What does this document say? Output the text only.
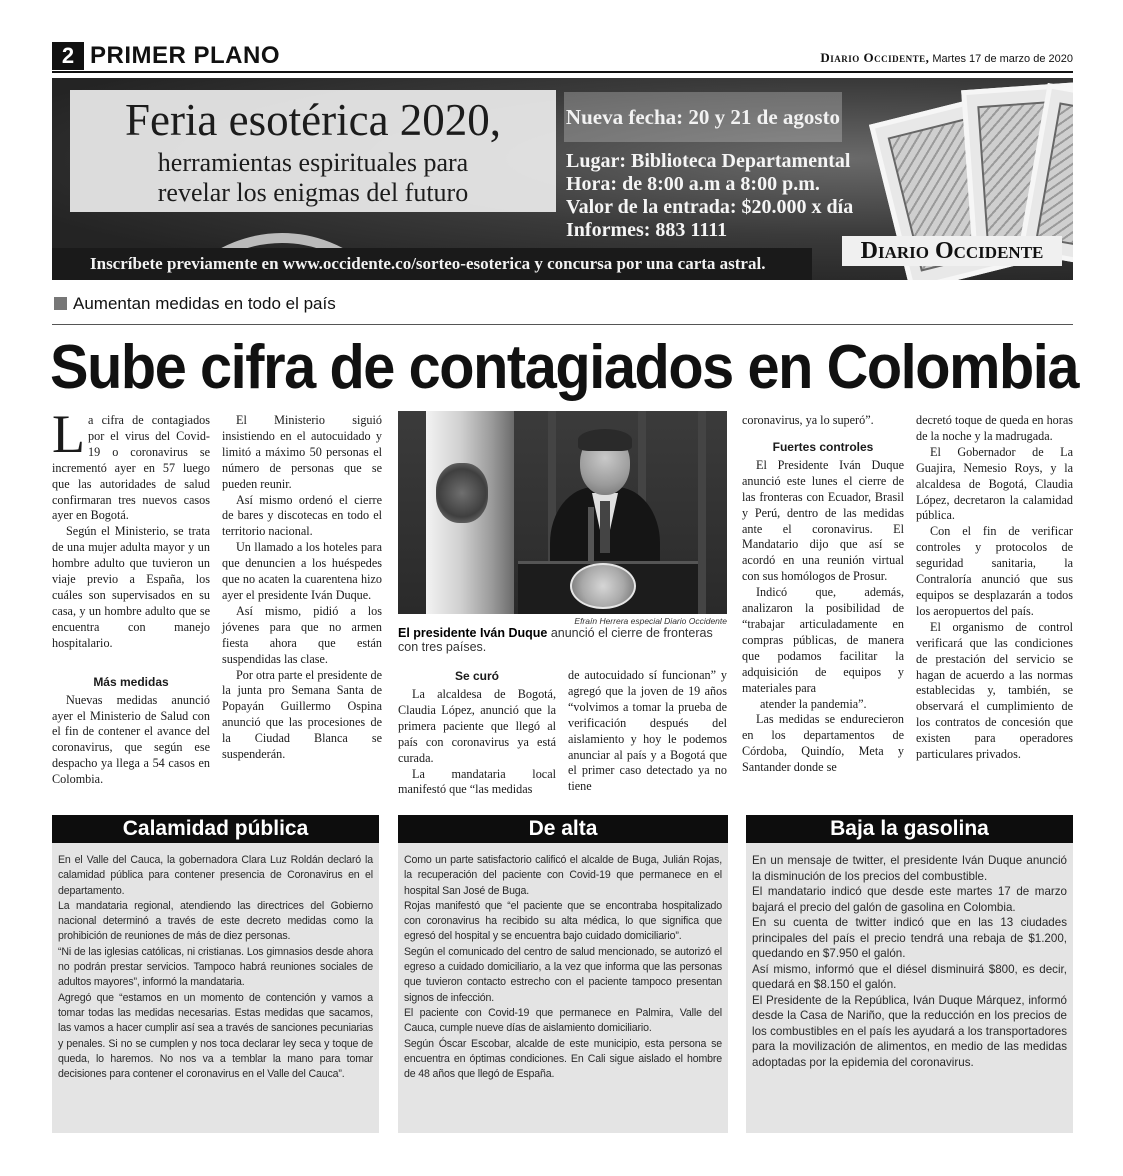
2 PRIMER PLANO	Diario Occidente, Martes 17 de marzo de 2020
Feria esotérica 2020,
herramientas espirituales para
revelar los enigmas del futuro
Nueva fecha: 20 y 21 de agosto
Lugar: Biblioteca Departamental
Hora: de 8:00 a.m a 8:00 p.m.
Valor de la entrada: $20.000 x día
Informes: 883 1111
Inscríbete previamente en www.occidente.co/sorteo-esoterica y concursa por una carta astral.	Diario Occidente
Aumentan medidas en todo el país
Sube cifra de contagiados en Colombia

La cifra de contagiados por el virus del Covid-19 o coronavirus se incrementó ayer en 57 luego que las autoridades de salud confirmaran tres nuevos casos ayer en Bogotá.

Según el Ministerio, se trata de una mujer adulta mayor y un hombre adulto que tuvieron un viaje previo a España, los cuáles son supervisados en su casa, y un hombre adulto que se encuentra con manejo hospitalario.

Más medidas

Nuevas medidas anunció ayer el Ministerio de Salud con el fin de contener el avance del coronavirus, que según ese despacho ya llega a 54 casos en Colombia.

El Ministerio siguió insistiendo en el autocuidado y limitó a máximo 50 personas el número de personas que se pueden reunir.

Así mismo ordenó el cierre de bares y discotecas en todo el territorio nacional.

Un llamado a los hoteles para que denuncien a los huéspedes que no acaten la cuarentena hizo ayer el presidente Iván Duque.

Así mismo, pidió a los jóvenes para que no armen fiesta ahora que están suspendidas las clase.

Por otra parte el presidente de la junta pro Semana Santa de Popayán Guillermo Ospina anunció que las procesiones de la Ciudad Blanca se suspenderán.

Efraín Herrera especial Diario Occidente
El presidente Iván Duque anunció el cierre de fronteras con tres países.
Se curó

La alcaldesa de Bogotá, Claudia López, anunció que la primera paciente que llegó al país con coronavirus ya está curada.

La mandataria local manifestó que “las medidas

de autocuidado sí funcionan” y agregó que la joven de 19 años “volvimos a tomar la prueba de verificación después del aislamiento y hoy le podemos anunciar al país y a Bogotá que el primer caso detectado ya no tiene

coronavirus, ya lo superó”.

Fuertes controles

El Presidente Iván Duque anunció este lunes el cierre de las fronteras con Ecuador, Brasil y Perú, dentro de las medidas ante el coronavirus. El Mandatario dijo que así se acordó en una reunión virtual con sus homólogos de Prosur.

Indicó que, además, analizaron la posibilidad de “trabajar articuladamente en compras públicas, de manera que podamos facilitar la adquisición de equipos y materiales para

atender la pandemia”.

Las medidas se endurecieron en los departamentos de Córdoba, Quindío, Meta y Santander donde se

decretó toque de queda en horas de la noche y la madrugada.

El Gobernador de La Guajira, Nemesio Roys, y la alcaldesa de Bogotá, Claudia López, decretaron la calamidad pública.

Con el fin de verificar controles y protocolos de seguridad sanitaria, la Contraloría anunció que sus equipos se desplazarán a todos los aeropuertos del país.

El organismo de control verificará que las condiciones de prestación del servicio se hagan de acuerdo a las normas establecidas y, también, se observará el cumplimiento de los contratos de concesión que existen para operadores particulares privados.

Calamidad pública
En el Valle del Cauca, la gobernadora Clara Luz Roldán declaró la calamidad pública para contener presencia de Coronavirus en el departamento.
La mandataria regional, atendiendo las directrices del Gobierno nacional determinó a través de este decreto medidas como la prohibición de reuniones de más de diez personas.
“Ni de las iglesias católicas, ni cristianas. Los gimnasios desde ahora no podrán prestar servicios. Tampoco habrá reuniones sociales de adultos mayores”, informó la mandataria.
Agregó que “estamos en un momento de contención y vamos a tomar todas las medidas necesarias. Estas medidas que sacamos, las vamos a hacer cumplir así sea a través de sanciones pecuniarias y penales. Si no se cumplen y nos toca declarar ley seca y toque de queda, lo haremos. No nos va a temblar la mano para tomar decisiones para contener el coronavirus en el Valle del Cauca”.
De alta
Como un parte satisfactorio calificó el alcalde de Buga, Julián Rojas, la recuperación del paciente con Covid-19 que permanece en el hospital San José de Buga.
Rojas manifestó que “el paciente que se encontraba hospitalizado con coronavirus ha recibido su alta médica, lo que significa que egresó del hospital y se encuentra bajo cuidado domiciliario”.
Según el comunicado del centro de salud mencionado, se autorizó el egreso a cuidado domiciliario, a la vez que informa que las personas que tuvieron contacto estrecho con el paciente tampoco presentan signos de infección.
El paciente con Covid-19 que permanece en Palmira, Valle del Cauca, cumple nueve días de aislamiento domiciliario.
Según Óscar Escobar, alcalde de este municipio, esta persona se encuentra en óptimas condiciones. En Cali sigue aislado el hombre de 48 años que llegó de España.
Baja la gasolina
En un mensaje de twitter, el presidente Iván Duque anunció la disminución de los precios del combustible.
El mandatario indicó que desde este martes 17 de marzo bajará el precio del galón de gasolina en Colombia.
En su cuenta de twitter indicó que en las 13 ciudades principales del país el precio tendrá una rebaja de $1.200, quedando en $7.950 el galón.
Así mismo, informó que el diésel disminuirá $800, es decir, quedará en $8.150 el galón.
El Presidente de la República, Iván Duque Márquez, informó desde la Casa de Nariño, que la reducción en los precios de los combustibles en el país les ayudará a los transportadores para la movilización de alimentos, en medio de las medidas adoptadas por la epidemia del coronavirus.
